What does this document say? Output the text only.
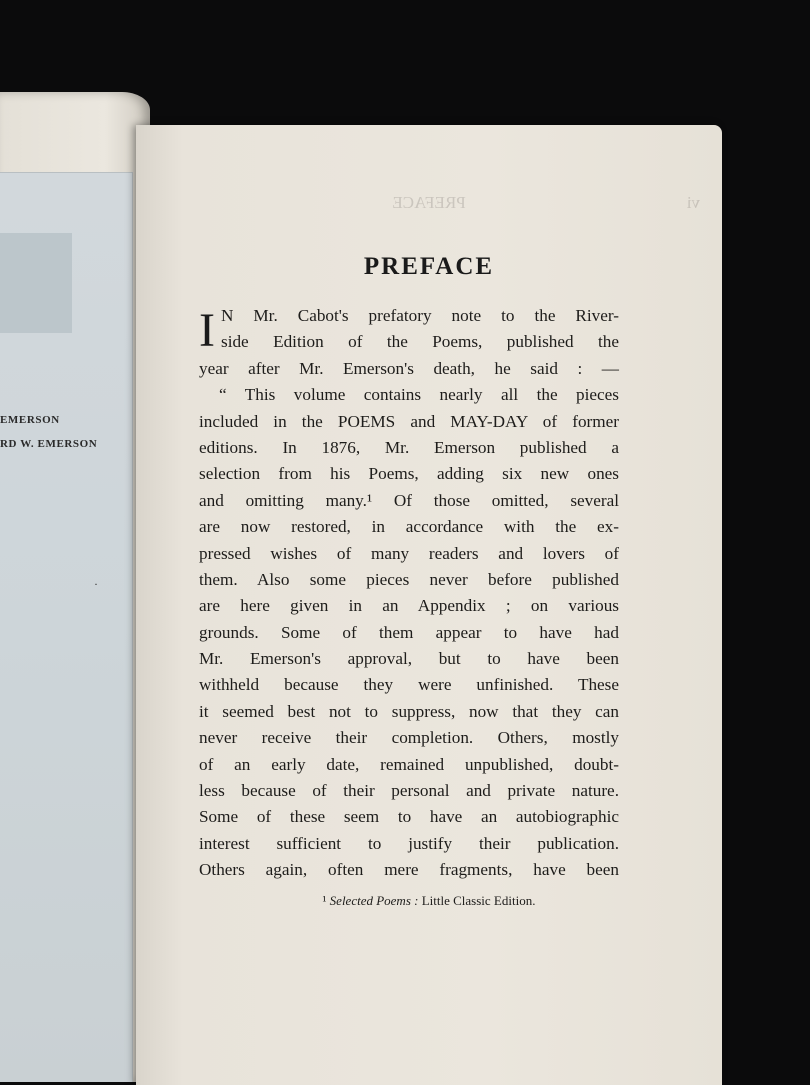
EMERSON
RD W. EMERSON
·
PREFACE	vi
PREFACE
I N Mr. Cabot's prefatory note to the River-
side Edition of the Poems, published the
year after Mr. Emerson's death, he said : —
“ This volume contains nearly all the pieces
included in the POEMS and MAY-DAY of former
editions. In 1876, Mr. Emerson published a
selection from his Poems, adding six new ones
and omitting many.¹ Of those omitted, several
are now restored, in accordance with the ex-
pressed wishes of many readers and lovers of
them. Also some pieces never before published
are here given in an Appendix ; on various
grounds. Some of them appear to have had
Mr. Emerson's approval, but to have been
withheld because they were unfinished. These
it seemed best not to suppress, now that they can
never receive their completion. Others, mostly
of an early date, remained unpublished, doubt-
less because of their personal and private nature.
Some of these seem to have an autobiographic
interest sufficient to justify their publication.
Others again, often mere fragments, have been
¹ Selected Poems : Little Classic Edition.
